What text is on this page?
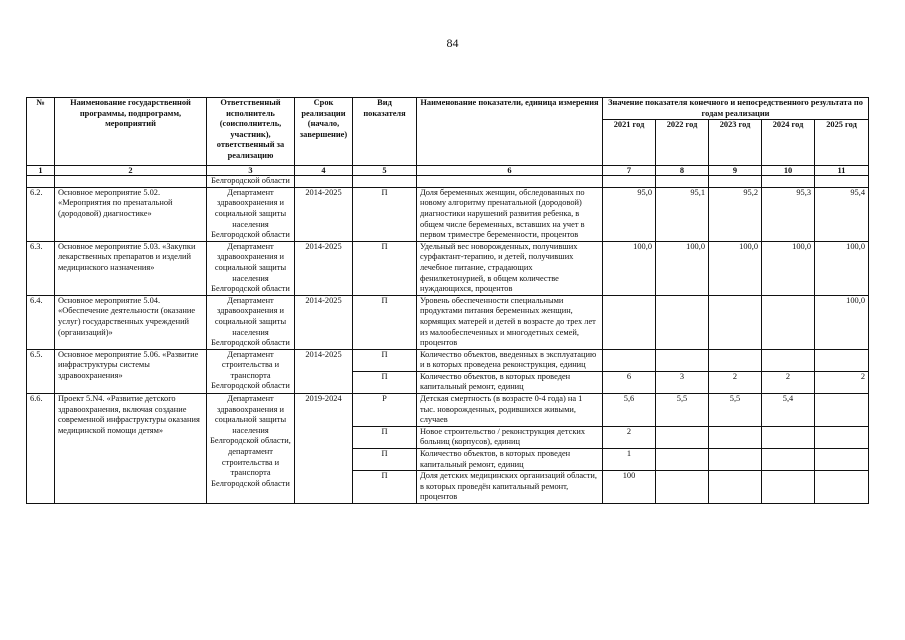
84
№	Наименование государственной программы, подпрограмм, мероприятий	Ответственный исполнитель (соисполнитель, участник), ответственный за реализацию	Срок реализации (начало, завершение)	Вид показателя	Наименование показатели, единица измерения	Значение показателя конечного и непосредственного результата по годам реализации				
						2021 год	2022 год	2023 год	2024 год	2025 год
1	2	3	4	5	6	7	8	9	10	11
		Белгородской области								
6.2.	Основное мероприятие 5.02. «Мероприятия по пренатальной (дородовой) диагностике»	Департамент здравоохранения и социальной защиты населения Белгородской области	2014-2025	П	Доля беременных женщин, обследованных по новому алгоритму пренатальной (дородовой) диагностики нарушений развития ребенка, в общем числе беременных, вставших на учет в первом триместре беременности, процентов	95,0	95,1	95,2	95,3	95,4
6.3.	Основное мероприятие 5.03. «Закупки лекарственных препаратов и изделий медицинского назначения»	Департамент здравоохранения и социальной защиты населения Белгородской области	2014-2025	П	Удельный вес новорожденных, получивших сурфактант-терапию, и детей, получивших лечебное питание, страдающих фенилкетонурией, в общем количестве нуждающихся, процентов	100,0	100,0	100,0	100,0	100,0
6.4.	Основное мероприятие 5.04. «Обеспечение деятельности (оказание услуг) государственных учреждений (организаций)»	Департамент здравоохранения и социальной защиты населения Белгородской области	2014-2025	П	Уровень обеспеченности специальными продуктами питания беременных женщин, кормящих матерей и детей в возрасте до трех лет из малообеспеченных и многодетных семей, процентов					100,0
6.5.	Основное мероприятие 5.06. «Развитие инфраструктуры системы здравоохранения»	Департамент строительства и транспорта Белгородской области	2014-2025	П	Количество объектов, введенных в эксплуатацию и в которых проведена реконструкция, единиц					
				П	Количество объектов, в которых проведен капитальный ремонт, единиц	6	3	2	2	2
6.6.	Проект 5.N4. «Развитие детского здравоохранения, включая создание современной инфраструктуры оказания медицинской помощи детям»	Департамент здравоохранения и социальной защиты населения Белгородской области, департамент строительства и транспорта Белгородской области	2019-2024	Р	Детская смертность (в возрасте 0-4 года) на 1 тыс. новорожденных, родившихся живыми, случаев	5,6	5,5	5,5	5,4	
				П	Новое строительство / реконструкция детских больниц (корпусов), единиц	2				
				П	Количество объектов, в которых проведен капитальный ремонт, единиц	1				
				П	Доля детских медицинских организаций области, в которых проведён капитальный ремонт, процентов	100				
